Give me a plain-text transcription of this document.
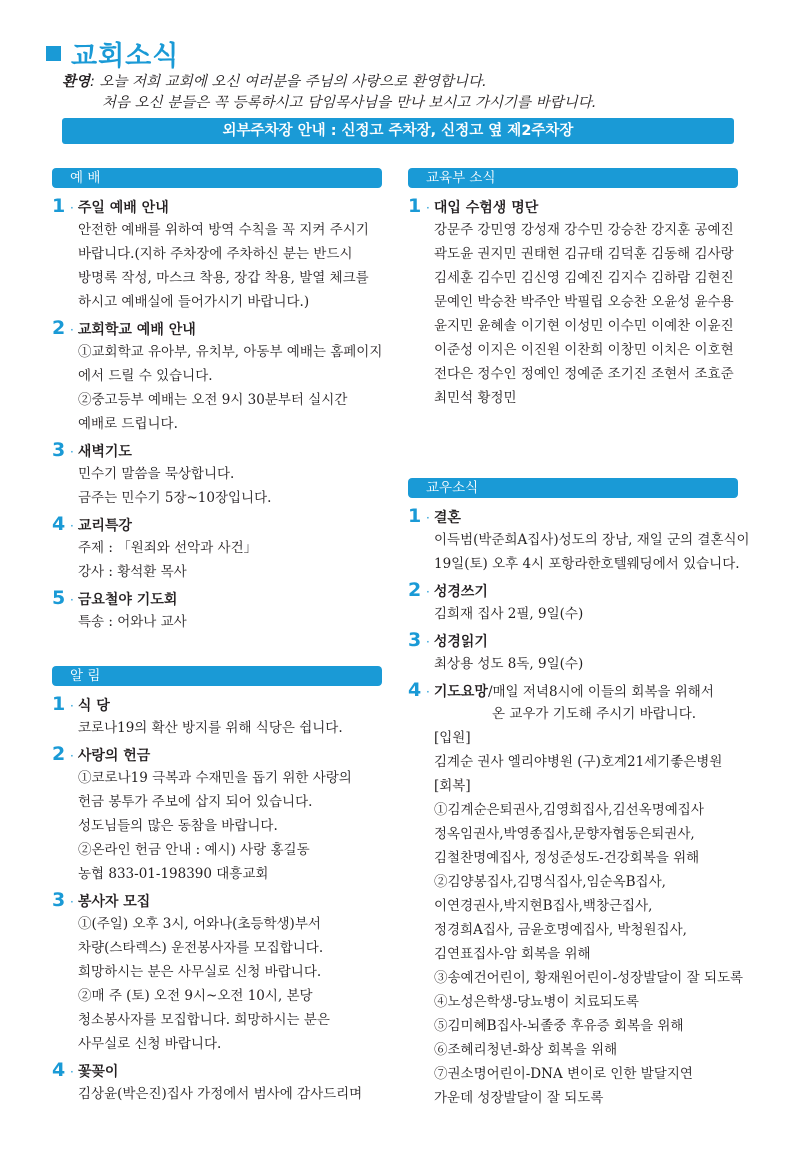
교회소식
환영: 오늘 저희 교회에 오신 여러분을 주님의 사랑으로 환영합니다.
처음 오신 분들은 꼭 등록하시고 담임목사님을 만나 보시고 가시기를 바랍니다.
외부주차장 안내 : 신정고 주차장, 신정고 옆 제2주차장
예 배
1 · 주일 예배 안내

안전한 예배를 위하여 방역 수칙을 꼭 지켜 주시기

바랍니다.(지하 주차장에 주차하신 분는 반드시

방명록 작성, 마스크 착용, 장갑 착용, 발열 체크를

하시고 예배실에 들어가시기 바랍니다.)

2 · 교회학교 예배 안내

①교회학교 유아부, 유치부, 아동부 예배는 홈페이지

에서 드릴 수 있습니다.

②중고등부 예배는 오전 9시 30분부터 실시간

예배로 드립니다.

3 · 새벽기도

민수기 말씀을 묵상합니다.

금주는 민수기 5장~10장입니다.

4 · 교리특강

주제 : 「원죄와 선악과 사건」

강사 : 황석환 목사

5 · 금요철야 기도회

특송 : 어와나 교사

알 림
1 · 식 당

코로나19의 확산 방지를 위해 식당은 쉽니다.

2 · 사랑의 헌금

①코로나19 극복과 수재민을 돕기 위한 사랑의

헌금 봉투가 주보에 삽지 되어 있습니다.

성도님들의 많은 동참을 바랍니다.

②온라인 헌금 안내 : 예시) 사랑 홍길동

농협 833-01-198390 대흥교회

3 · 봉사자 모집

①(주일) 오후 3시, 어와나(초등학생)부서

차량(스타렉스) 운전봉사자를 모집합니다.

희망하시는 분은 사무실로 신청 바랍니다.

②매 주 (토) 오전 9시~오전 10시, 본당

청소봉사자를 모집합니다. 희망하시는 분은

사무실로 신청 바랍니다.

4 · 꽃꽂이

김상윤(박은진)집사 가정에서 범사에 감사드리며

교육부 소식
1 · 대입 수험생 명단

강문주 강민영 강성재 강수민 강승찬 강지훈 공예진

곽도윤 권지민 권태현 김규태 김덕훈 김동해 김사랑

김세훈 김수민 김신영 김예진 김지수 김하람 김현진

문예인 박승찬 박주안 박필립 오승찬 오윤성 윤수용

윤지민 윤혜솔 이기현 이성민 이수민 이예찬 이윤진

이준성 이지은 이진원 이찬희 이창민 이치은 이호현

전다은 정수인 정예인 정예준 조기진 조현서 조효준

최민석 황정민

교우소식
1 · 결혼

이득범(박준희A집사)성도의 장남, 재일 군의 결혼식이

19일(토) 오후 4시 포항라한호텔웨딩에서 있습니다.

2 · 성경쓰기

김희재 집사 2필, 9일(수)

3 · 성경읽기

최상용 성도 8독, 9일(수)

4 · 기도요망 /매일 저녁8시에 이들의 회복을 위해서

온 교우가 기도해 주시기 바랍니다.

[입원]

김계순 권사 엘리야병원 (구)호계21세기좋은병원

[회복]

①김계순은퇴권사,김영희집사,김선옥명예집사

정옥임권사,박영종집사,문향자협동은퇴권사,

김철찬명예집사, 정성준성도-건강회복을 위해

②김양봉집사,김명식집사,임순옥B집사,

이연경권사,박지현B집사,백창근집사,

정경희A집사, 금윤호명예집사, 박청원집사,

김연표집사-암 회복을 위해

③송예건어린이, 황재원어린이-성장발달이 잘 되도록

④노성은학생-당뇨병이 치료되도록

⑤김미혜B집사-뇌졸중 후유증 회복을 위해

⑥조혜리청년-화상 회복을 위해

⑦권소명어린이-DNA 변이로 인한 발달지연

가운데 성장발달이 잘 되도록
